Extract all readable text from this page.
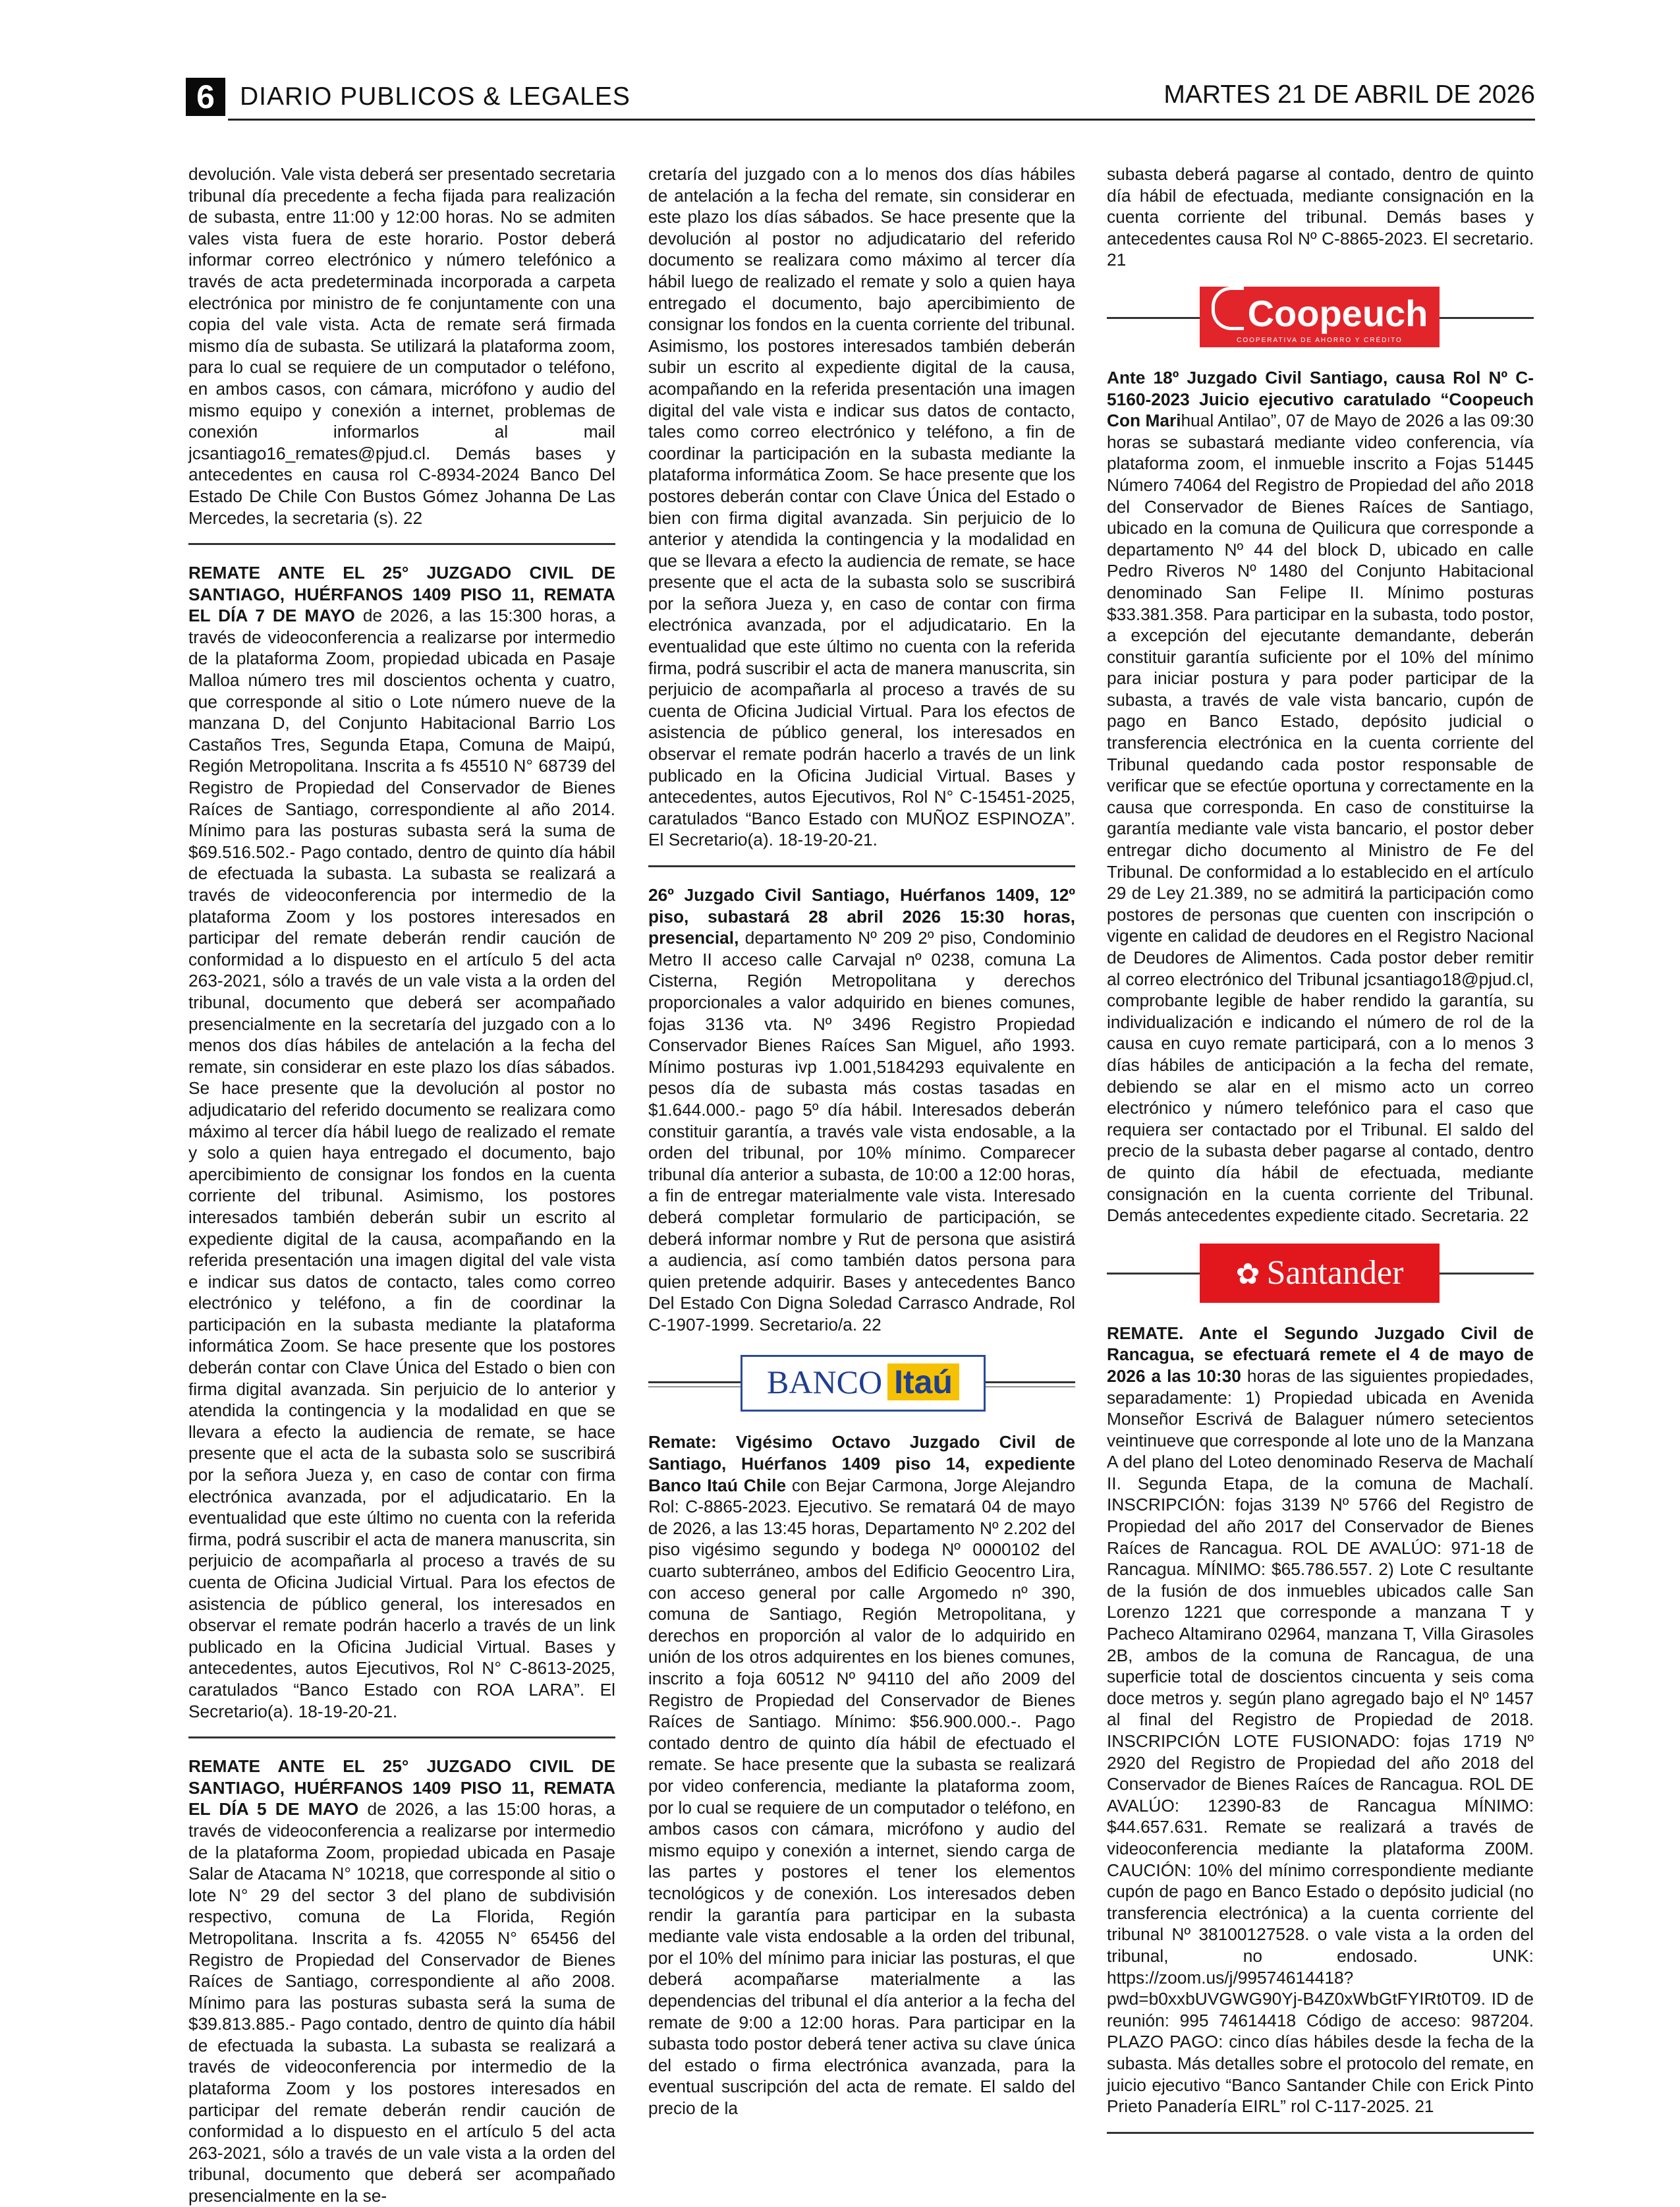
6 DIARIO PUBLICOS & LEGALES	MARTES 21 DE ABRIL DE 2026

devolución. Vale vista deberá ser presentado secretaria tribunal día precedente a fecha fijada para realización de subasta, entre 11:00 y 12:00 horas. No se admiten vales vista fuera de este horario. Postor deberá informar correo electrónico y número telefónico a través de acta predeterminada incorporada a carpeta electrónica por ministro de fe conjuntamente con una copia del vale vista. Acta de remate será firmada mismo día de subasta. Se utilizará la plataforma zoom, para lo cual se requiere de un computador o teléfono, en ambos casos, con cámara, micrófono y audio del mismo equipo y conexión a internet, problemas de conexión informarlos al mail jcsantiago16_remates@pjud.cl. Demás bases y antecedentes en causa rol C-8934-2024 Banco Del Estado De Chile Con Bustos Gómez Johanna De Las Mercedes, la secretaria (s). 22

REMATE ANTE EL 25° JUZGADO CIVIL DE SANTIAGO, HUÉRFANOS 1409 PISO 11, REMATA EL DÍA 7 DE MAYO de 2026, a las 15:300 horas, a través de videoconferencia a realizarse por intermedio de la plataforma Zoom, propiedad ubicada en Pasaje Malloa número tres mil doscientos ochenta y cuatro, que corresponde al sitio o Lote número nueve de la manzana D, del Conjunto Habitacional Barrio Los Castaños Tres, Segunda Etapa, Comuna de Maipú, Región Metropolitana. Inscrita a fs 45510 N° 68739 del Registro de Propiedad del Conservador de Bienes Raíces de Santiago, correspondiente al año 2014. Mínimo para las posturas subasta será la suma de $69.516.502.- Pago contado, dentro de quinto día hábil de efectuada la subasta. La subasta se realizará a través de videoconferencia por intermedio de la plataforma Zoom y los postores interesados en participar del remate deberán rendir caución de conformidad a lo dispuesto en el artículo 5 del acta 263-2021, sólo a través de un vale vista a la orden del tribunal, documento que deberá ser acompañado presencialmente en la secretaría del juzgado con a lo menos dos días hábiles de antelación a la fecha del remate, sin considerar en este plazo los días sábados. Se hace presente que la devolución al postor no adjudicatario del referido documento se realizara como máximo al tercer día hábil luego de realizado el remate y solo a quien haya entregado el documento, bajo apercibimiento de consignar los fondos en la cuenta corriente del tribunal. Asimismo, los postores interesados también deberán subir un escrito al expediente digital de la causa, acompañando en la referida presentación una imagen digital del vale vista e indicar sus datos de contacto, tales como correo electrónico y teléfono, a fin de coordinar la participación en la subasta mediante la plataforma informática Zoom. Se hace presente que los postores deberán contar con Clave Única del Estado o bien con firma digital avanzada. Sin perjuicio de lo anterior y atendida la contingencia y la modalidad en que se llevara a efecto la audiencia de remate, se hace presente que el acta de la subasta solo se suscribirá por la señora Jueza y, en caso de contar con firma electrónica avanzada, por el adjudicatario. En la eventualidad que este último no cuenta con la referida firma, podrá suscribir el acta de manera manuscrita, sin perjuicio de acompañarla al proceso a través de su cuenta de Oficina Judicial Virtual. Para los efectos de asistencia de público general, los interesados en observar el remate podrán hacerlo a través de un link publicado en la Oficina Judicial Virtual. Bases y antecedentes, autos Ejecutivos, Rol N° C-8613-2025, caratulados “Banco Estado con ROA LARA”. El Secretario(a). 18-19-20-21.

REMATE ANTE EL 25° JUZGADO CIVIL DE SANTIAGO, HUÉRFANOS 1409 PISO 11, REMATA EL DÍA 5 DE MAYO de 2026, a las 15:00 horas, a través de videoconferencia a realizarse por intermedio de la plataforma Zoom, propiedad ubicada en Pasaje Salar de Atacama N° 10218, que corresponde al sitio o lote N° 29 del sector 3 del plano de subdivisión respectivo, comuna de La Florida, Región Metropolitana. Inscrita a fs. 42055 N° 65456 del Registro de Propiedad del Conservador de Bienes Raíces de Santiago, correspondiente al año 2008. Mínimo para las posturas subasta será la suma de $39.813.885.- Pago contado, dentro de quinto día hábil de efectuada la subasta. La subasta se realizará a través de videoconferencia por intermedio de la plataforma Zoom y los postores interesados en participar del remate deberán rendir caución de conformidad a lo dispuesto en el artículo 5 del acta 263-2021, sólo a través de un vale vista a la orden del tribunal, documento que deberá ser acompañado presencialmente en la se-

cretaría del juzgado con a lo menos dos días hábiles de antelación a la fecha del remate, sin considerar en este plazo los días sábados. Se hace presente que la devolución al postor no adjudicatario del referido documento se realizara como máximo al tercer día hábil luego de realizado el remate y solo a quien haya entregado el documento, bajo apercibimiento de consignar los fondos en la cuenta corriente del tribunal. Asimismo, los postores interesados también deberán subir un escrito al expediente digital de la causa, acompañando en la referida presentación una imagen digital del vale vista e indicar sus datos de contacto, tales como correo electrónico y teléfono, a fin de coordinar la participación en la subasta mediante la plataforma informática Zoom. Se hace presente que los postores deberán contar con Clave Única del Estado o bien con firma digital avanzada. Sin perjuicio de lo anterior y atendida la contingencia y la modalidad en que se llevara a efecto la audiencia de remate, se hace presente que el acta de la subasta solo se suscribirá por la señora Jueza y, en caso de contar con firma electrónica avanzada, por el adjudicatario. En la eventualidad que este último no cuenta con la referida firma, podrá suscribir el acta de manera manuscrita, sin perjuicio de acompañarla al proceso a través de su cuenta de Oficina Judicial Virtual. Para los efectos de asistencia de público general, los interesados en observar el remate podrán hacerlo a través de un link publicado en la Oficina Judicial Virtual. Bases y antecedentes, autos Ejecutivos, Rol N° C-15451-2025, caratulados “Banco Estado con MUÑOZ ESPINOZA”. El Secretario(a). 18-19-20-21.

26º Juzgado Civil Santiago, Huérfanos 1409, 12º piso, subastará 28 abril 2026 15:30 horas, presencial, departamento Nº 209 2º piso, Condominio Metro II acceso calle Carvajal nº 0238, comuna La Cisterna, Región Metropolitana y derechos proporcionales a valor adquirido en bienes comunes, fojas 3136 vta. Nº 3496 Registro Propiedad Conservador Bienes Raíces San Miguel, año 1993. Mínimo posturas ivp 1.001,5184293 equivalente en pesos día de subasta más costas tasadas en $1.644.000.- pago 5º día hábil. Interesados deberán constituir garantía, a través vale vista endosable, a la orden del tribunal, por 10% mínimo. Comparecer tribunal día anterior a subasta, de 10:00 a 12:00 horas, a fin de entregar materialmente vale vista. Interesado deberá completar formulario de participación, se deberá informar nombre y Rut de persona que asistirá a audiencia, así como también datos persona para quien pretende adquirir. Bases y antecedentes Banco Del Estado Con Digna Soledad Carrasco Andrade, Rol C-1907-1999. Secretario/a. 22

BANCO Itaú

Remate: Vigésimo Octavo Juzgado Civil de Santiago, Huérfanos 1409 piso 14, expediente Banco Itaú Chile con Bejar Carmona, Jorge Alejandro Rol: C-8865-2023. Ejecutivo. Se rematará 04 de mayo de 2026, a las 13:45 horas, Departamento Nº 2.202 del piso vigésimo segundo y bodega Nº 0000102 del cuarto subterráneo, ambos del Edificio Geocentro Lira, con acceso general por calle Argomedo nº 390, comuna de Santiago, Región Metropolitana, y derechos en proporción al valor de lo adquirido en unión de los otros adquirentes en los bienes comunes, inscrito a foja 60512 Nº 94110 del año 2009 del Registro de Propiedad del Conservador de Bienes Raíces de Santiago. Mínimo: $56.900.000.-. Pago contado dentro de quinto día hábil de efectuado el remate. Se hace presente que la subasta se realizará por video conferencia, mediante la plataforma zoom, por lo cual se requiere de un computador o teléfono, en ambos casos con cámara, micrófono y audio del mismo equipo y conexión a internet, siendo carga de las partes y postores el tener los elementos tecnológicos y de conexión. Los interesados deben rendir la garantía para participar en la subasta mediante vale vista endosable a la orden del tribunal, por el 10% del mínimo para iniciar las posturas, el que deberá acompañarse materialmente a las dependencias del tribunal el día anterior a la fecha del remate de 9:00 a 12:00 horas. Para participar en la subasta todo postor deberá tener activa su clave única del estado o firma electrónica avanzada, para la eventual suscripción del acta de remate. El saldo del precio de la

subasta deberá pagarse al contado, dentro de quinto día hábil de efectuada, mediante consignación en la cuenta corriente del tribunal. Demás bases y antecedentes causa Rol Nº C-8865-2023. El secretario. 21

Coopeuch
COOPERATIVA DE AHORRO Y CRÉDITO

Ante 18º Juzgado Civil Santiago, causa Rol Nº C-5160-2023 Juicio ejecutivo caratulado “Coopeuch Con Marihual Antilao”, 07 de Mayo de 2026 a las 09:30 horas se subastará mediante video conferencia, vía plataforma zoom, el inmueble inscrito a Fojas 51445 Número 74064 del Registro de Propiedad del año 2018 del Conservador de Bienes Raíces de Santiago, ubicado en la comuna de Quilicura que corresponde a departamento Nº 44 del block D, ubicado en calle Pedro Riveros Nº 1480 del Conjunto Habitacional denominado San Felipe II. Mínimo posturas $33.381.358. Para participar en la subasta, todo postor, a excepción del ejecutante demandante, deberán constituir garantía suficiente por el 10% del mínimo para iniciar postura y para poder participar de la subasta, a través de vale vista bancario, cupón de pago en Banco Estado, depósito judicial o transferencia electrónica en la cuenta corriente del Tribunal quedando cada postor responsable de verificar que se efectúe oportuna y correctamente en la causa que corresponda. En caso de constituirse la garantía mediante vale vista bancario, el postor deber entregar dicho documento al Ministro de Fe del Tribunal. De conformidad a lo establecido en el artículo 29 de Ley 21.389, no se admitirá la participación como postores de personas que cuenten con inscripción o vigente en calidad de deudores en el Registro Nacional de Deudores de Alimentos. Cada postor deber remitir al correo electrónico del Tribunal jcsantiago18@pjud.cl, comprobante legible de haber rendido la garantía, su individualización e indicando el número de rol de la causa en cuyo remate participará, con a lo menos 3 días hábiles de anticipación a la fecha del remate, debiendo se alar en el mismo acto un correo electrónico y número telefónico para el caso que requiera ser contactado por el Tribunal. El saldo del precio de la subasta deber pagarse al contado, dentro de quinto día hábil de efectuada, mediante consignación en la cuenta corriente del Tribunal. Demás antecedentes expediente citado. Secretaria. 22

✿ Santander

REMATE. Ante el Segundo Juzgado Civil de Rancagua, se efectuará remete el 4 de mayo de 2026 a las 10:30 horas de las siguientes propiedades, separadamente: 1) Propiedad ubicada en Avenida Monseñor Escrivá de Balaguer número setecientos veintinueve que corresponde al lote uno de la Manzana A del plano del Loteo denominado Reserva de Machalí II. Segunda Etapa, de la comuna de Machalí. INSCRIPCIÓN: fojas 3139 Nº 5766 del Registro de Propiedad del año 2017 del Conservador de Bienes Raíces de Rancagua. ROL DE AVALÚO: 971-18 de Rancagua. MÍNIMO: $65.786.557. 2) Lote C resultante de la fusión de dos inmuebles ubicados calle San Lorenzo 1221 que corresponde a manzana T y Pacheco Altamirano 02964, manzana T, Villa Girasoles 2B, ambos de la comuna de Rancagua, de una superficie total de doscientos cincuenta y seis coma doce metros y. según plano agregado bajo el Nº 1457 al final del Registro de Propiedad de 2018. INSCRIPCIÓN LOTE FUSIONADO: fojas 1719 Nº 2920 del Registro de Propiedad del año 2018 del Conservador de Bienes Raíces de Rancagua. ROL DE AVALÚO: 12390-83 de Rancagua MÍNIMO: $44.657.631. Remate se realizará a través de videoconferencia mediante la plataforma Z00M. CAUCIÓN: 10% del mínimo correspondiente mediante cupón de pago en Banco Estado o depósito judicial (no transferencia electrónica) a la cuenta corriente del tribunal Nº 38100127528. o vale vista a la orden del tribunal, no endosado. UNK: https://zoom.us/j/99574614418?pwd=b0xxbUVGWG90Yj-B4Z0xWbGtFYIRt0T09. ID de reunión: 995 74614418 Código de acceso: 987204. PLAZO PAGO: cinco días hábiles desde la fecha de la subasta. Más detalles sobre el protocolo del remate, en juicio ejecutivo “Banco Santander Chile con Erick Pinto Prieto Panadería EIRL” rol C-117-2025. 21
